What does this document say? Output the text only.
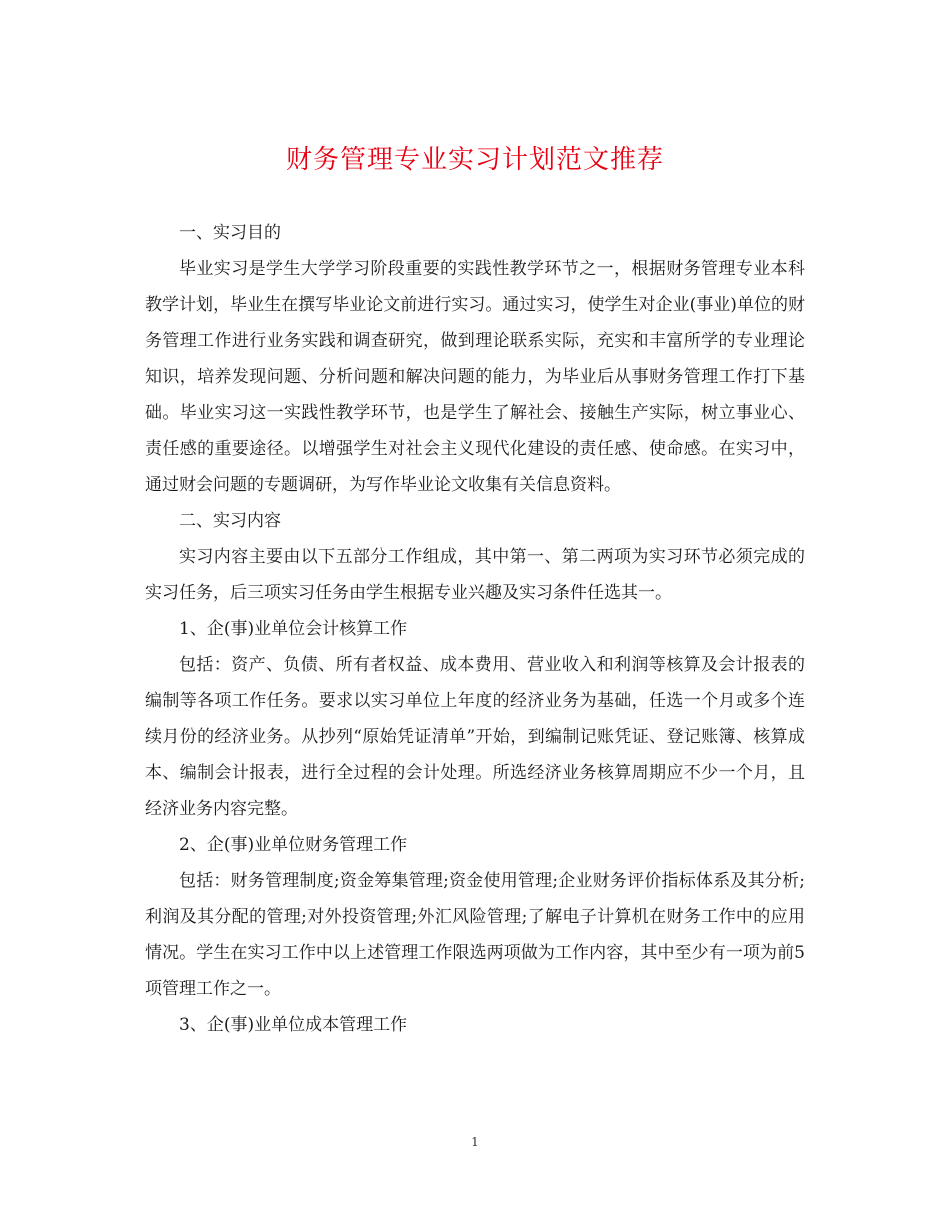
财务管理专业实习计划范文推荐

一、实习目的

毕业实习是学生大学学习阶段重要的实践性教学环节之一，根据财务管理专业本科教学计划，毕业生在撰写毕业论文前进行实习。通过实习，使学生对企业(事业)单位的财务管理工作进行业务实践和调查研究，做到理论联系实际，充实和丰富所学的专业理论知识，培养发现问题、分析问题和解决问题的能力，为毕业后从事财务管理工作打下基础。毕业实习这一实践性教学环节，也是学生了解社会、接触生产实际，树立事业心、责任感的重要途径。以增强学生对社会主义现代化建设的责任感、使命感。在实习中，通过财会问题的专题调研，为写作毕业论文收集有关信息资料。

二、实习内容

实习内容主要由以下五部分工作组成，其中第一、第二两项为实习环节必须完成的实习任务，后三项实习任务由学生根据专业兴趣及实习条件任选其一。

1、企(事)业单位会计核算工作

包括：资产、负债、所有者权益、成本费用、营业收入和利润等核算及会计报表的编制等各项工作任务。要求以实习单位上年度的经济业务为基础，任选一个月或多个连续月份的经济业务。从抄列“原始凭证清单”开始，到编制记账凭证、登记账簿、核算成本、编制会计报表，进行全过程的会计处理。所选经济业务核算周期应不少一个月，且经济业务内容完整。

2、企(事)业单位财务管理工作

包括：财务管理制度;资金筹集管理;资金使用管理;企业财务评价指标体系及其分析;利润及其分配的管理;对外投资管理;外汇风险管理;了解电子计算机在财务工作中的应用情况。学生在实习工作中以上述管理工作限选两项做为工作内容，其中至少有一项为前5项管理工作之一。

3、企(事)业单位成本管理工作

1
